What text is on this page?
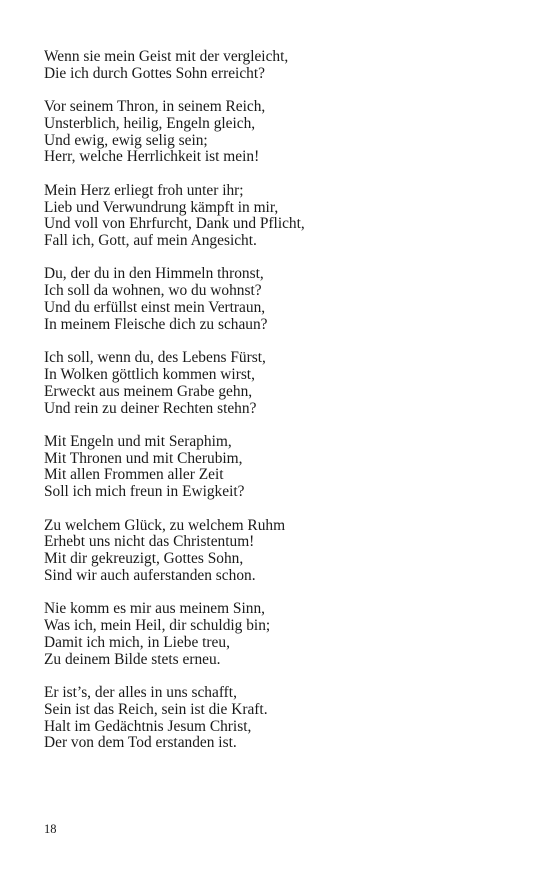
Wenn sie mein Geist mit der vergleicht,
Die ich durch Gottes Sohn erreicht?
Vor seinem Thron, in seinem Reich,
Unsterblich, heilig, Engeln gleich,
Und ewig, ewig selig sein;
Herr, welche Herrlichkeit ist mein!
Mein Herz erliegt froh unter ihr;
Lieb und Verwundrung kämpft in mir,
Und voll von Ehrfurcht, Dank und Pflicht,
Fall ich, Gott, auf mein Angesicht.
Du, der du in den Himmeln thronst,
Ich soll da wohnen, wo du wohnst?
Und du erfüllst einst mein Vertraun,
In meinem Fleische dich zu schaun?
Ich soll, wenn du, des Lebens Fürst,
In Wolken göttlich kommen wirst,
Erweckt aus meinem Grabe gehn,
Und rein zu deiner Rechten stehn?
Mit Engeln und mit Seraphim,
Mit Thronen und mit Cherubim,
Mit allen Frommen aller Zeit
Soll ich mich freun in Ewigkeit?
Zu welchem Glück, zu welchem Ruhm
Erhebt uns nicht das Christentum!
Mit dir gekreuzigt, Gottes Sohn,
Sind wir auch auferstanden schon.
Nie komm es mir aus meinem Sinn,
Was ich, mein Heil, dir schuldig bin;
Damit ich mich, in Liebe treu,
Zu deinem Bilde stets erneu.
Er ist’s, der alles in uns schafft,
Sein ist das Reich, sein ist die Kraft.
Halt im Gedächtnis Jesum Christ,
Der von dem Tod erstanden ist.
18
